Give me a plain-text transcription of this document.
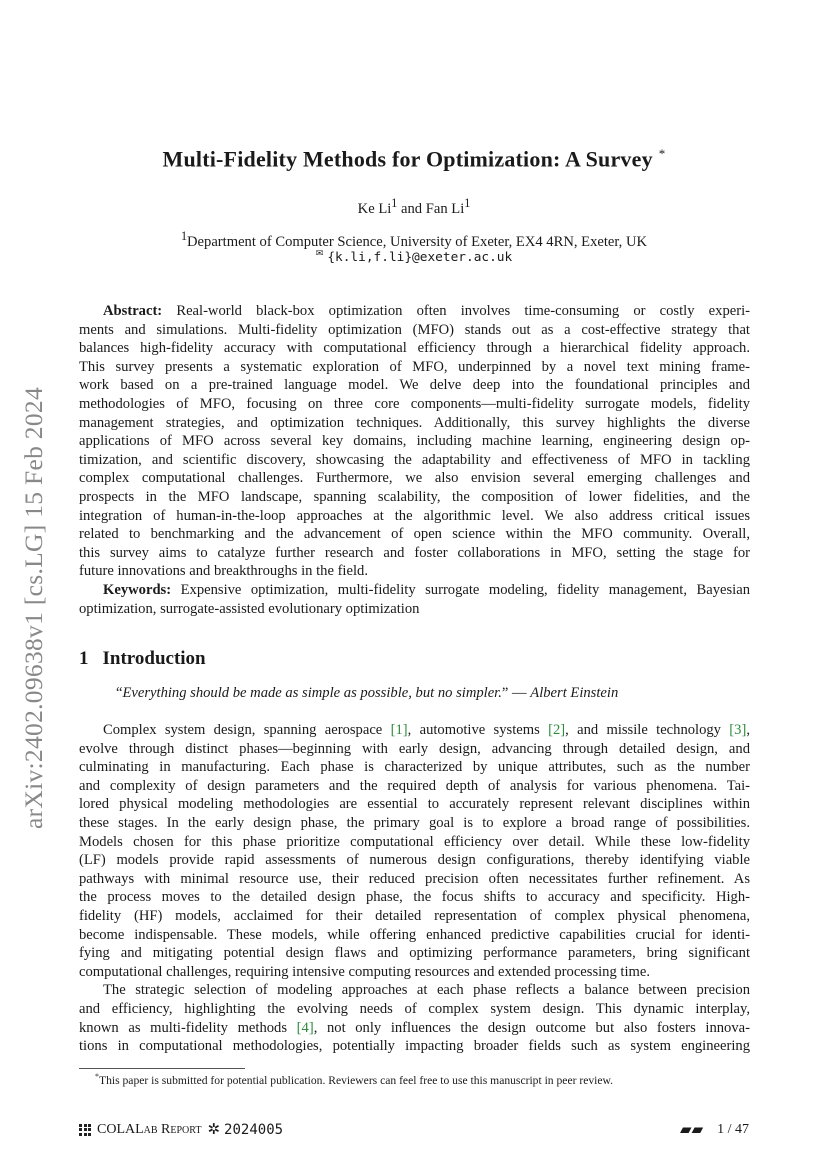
arXiv:2402.09638v1 [cs.LG] 15 Feb 2024
Multi-Fidelity Methods for Optimization: A Survey *
Ke Li$^1$ and Fan Li$^1$
$^1$Department of Computer Science, University of Exeter, EX4 4RN, Exeter, UK
✉ {k.li,f.li}@exeter.ac.uk
Abstract: Real-world black-box optimization often involves time-consuming or costly experi-
ments and simulations. Multi-fidelity optimization (MFO) stands out as a cost-effective strategy that
balances high-fidelity accuracy with computational efficiency through a hierarchical fidelity approach.
This survey presents a systematic exploration of MFO, underpinned by a novel text mining frame-
work based on a pre-trained language model. We delve deep into the foundational principles and
methodologies of MFO, focusing on three core components—multi-fidelity surrogate models, fidelity
management strategies, and optimization techniques. Additionally, this survey highlights the diverse
applications of MFO across several key domains, including machine learning, engineering design op-
timization, and scientific discovery, showcasing the adaptability and effectiveness of MFO in tackling
complex computational challenges. Furthermore, we also envision several emerging challenges and
prospects in the MFO landscape, spanning scalability, the composition of lower fidelities, and the
integration of human-in-the-loop approaches at the algorithmic level. We also address critical issues
related to benchmarking and the advancement of open science within the MFO community. Overall,
this survey aims to catalyze further research and foster collaborations in MFO, setting the stage for
future innovations and breakthroughs in the field.
Keywords: Expensive optimization, multi-fidelity surrogate modeling, fidelity management, Bayesian
optimization, surrogate-assisted evolutionary optimization
1 Introduction
“Everything should be made as simple as possible, but no simpler.” — Albert Einstein
Complex system design, spanning aerospace [1], automotive systems [2], and missile technology [3],
evolve through distinct phases—beginning with early design, advancing through detailed design, and
culminating in manufacturing. Each phase is characterized by unique attributes, such as the number
and complexity of design parameters and the required depth of analysis for various phenomena. Tai-
lored physical modeling methodologies are essential to accurately represent relevant disciplines within
these stages. In the early design phase, the primary goal is to explore a broad range of possibilities.
Models chosen for this phase prioritize computational efficiency over detail. While these low-fidelity
(LF) models provide rapid assessments of numerous design configurations, thereby identifying viable
pathways with minimal resource use, their reduced precision often necessitates further refinement. As
the process moves to the detailed design phase, the focus shifts to accuracy and specificity. High-
fidelity (HF) models, acclaimed for their detailed representation of complex physical phenomena,
become indispensable. These models, while offering enhanced predictive capabilities crucial for identi-
fying and mitigating potential design flaws and optimizing performance parameters, bring significant
computational challenges, requiring intensive computing resources and extended processing time.
The strategic selection of modeling approaches at each phase reflects a balance between precision
and efficiency, highlighting the evolving needs of complex system design. This dynamic interplay,
known as multi-fidelity methods [4], not only influences the design outcome but also fosters innova-
tions in computational methodologies, potentially impacting broader fields such as system engineering
*This paper is submitted for potential publication. Reviewers can feel free to use this manuscript in peer review.
COLALab Report ✲ 2024005	▰▰ 1 / 47
